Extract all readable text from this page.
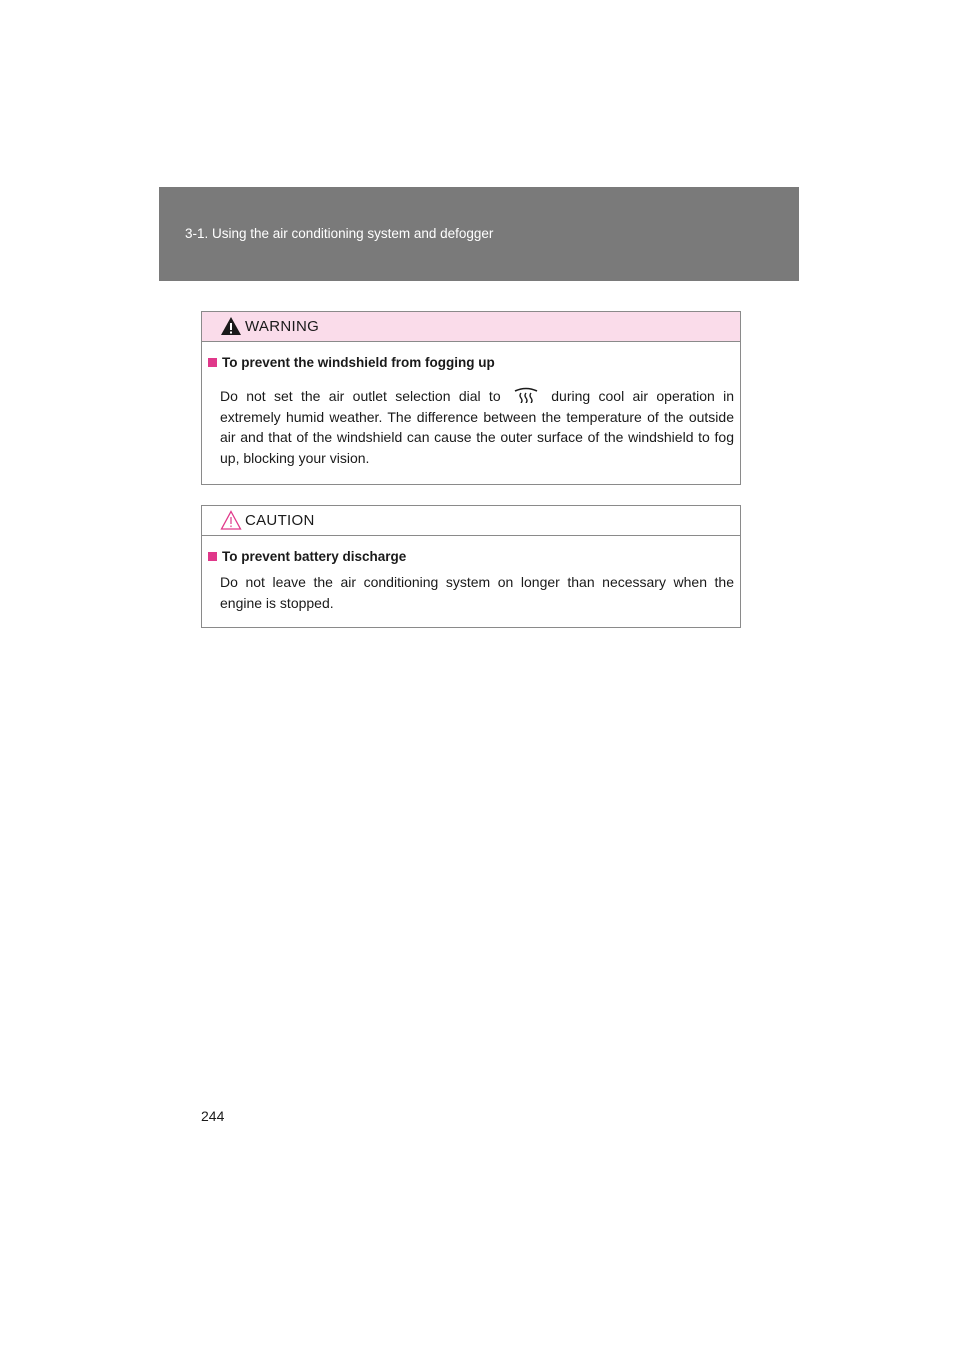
3-1. Using the air conditioning system and defogger
WARNING
To prevent the windshield from fogging up
Do not set the air outlet selection dial to	during cool air operation in extremely humid weather. The difference between the temperature of the outside air and that of the windshield can cause the outer surface of the windshield to fog up, blocking your vision.
CAUTION
To prevent battery discharge
Do not leave the air conditioning system on longer than necessary when the engine is stopped.
244
